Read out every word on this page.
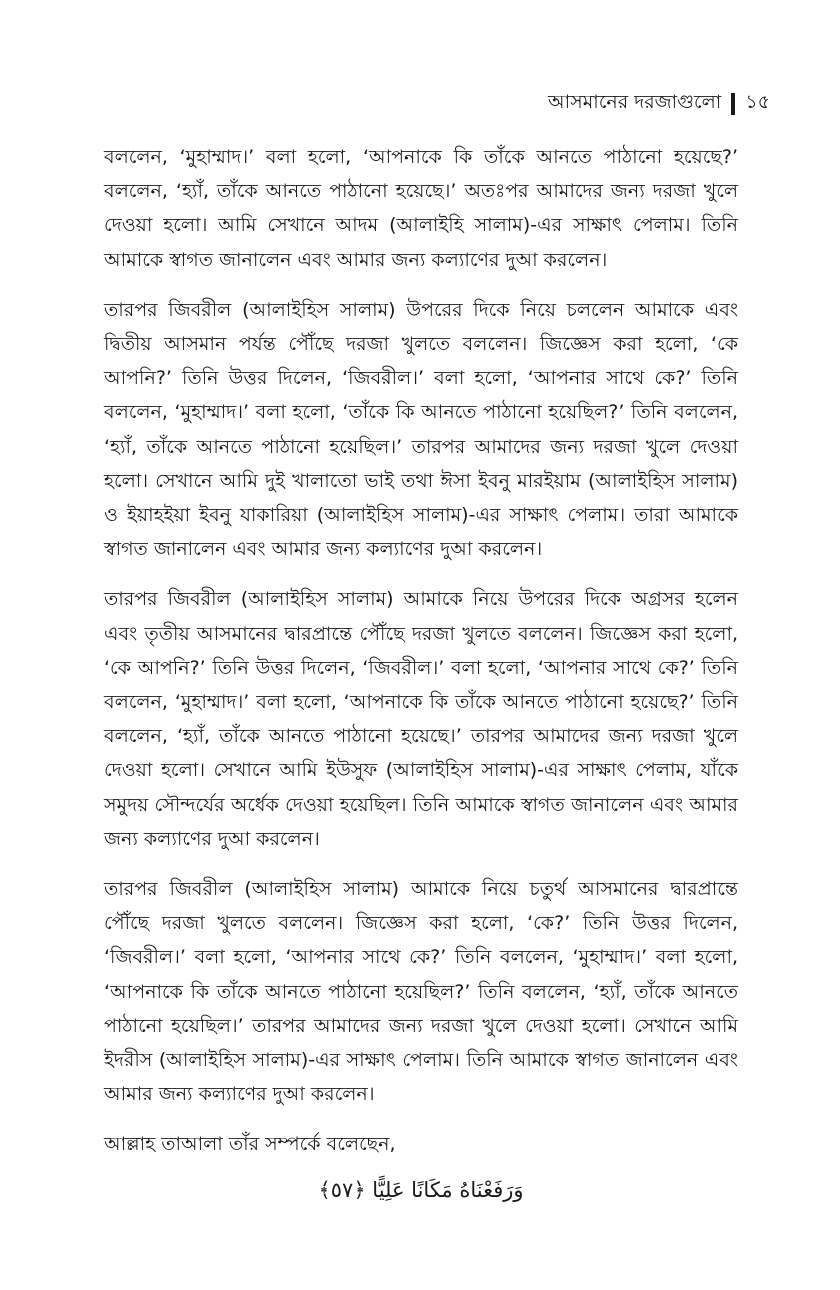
আসমানের দরজাগুলো ১৫

বললেন, ‘মুহাম্মাদ।’ বলা হলো, ‘আপনাকে কি তাঁকে আনতে পাঠানো হয়েছে?’ বললেন, ‘হ্যাঁ, তাঁকে আনতে পাঠানো হয়েছে।’ অতঃপর আমাদের জন্য দরজা খুলে দেওয়া হলো। আমি সেখানে আদম (আলাইহি সালাম)-এর সাক্ষাৎ পেলাম। তিনি আমাকে স্বাগত জানালেন এবং আমার জন্য কল্যাণের দুআ করলেন।

তারপর জিবরীল (আলাইহিস সালাম) উপরের দিকে নিয়ে চললেন আমাকে এবং দ্বিতীয় আসমান পর্যন্ত পৌঁছে দরজা খুলতে বললেন। জিজ্ঞেস করা হলো, ‘কে আপনি?’ তিনি উত্তর দিলেন, ‘জিবরীল।’ বলা হলো, ‘আপনার সাথে কে?’ তিনি বললেন, ‘মুহাম্মাদ।’ বলা হলো, ‘তাঁকে কি আনতে পাঠানো হয়েছিল?’ তিনি বললেন, ‘হ্যাঁ, তাঁকে আনতে পাঠানো হয়েছিল।’ তারপর আমাদের জন্য দরজা খুলে দেওয়া হলো। সেখানে আমি দুই খালাতো ভাই তথা ঈসা ইবনু মারইয়াম (আলাইহিস সালাম) ও ইয়াহইয়া ইবনু যাকারিয়া (আলাইহিস সালাম)-এর সাক্ষাৎ পেলাম। তারা আমাকে স্বাগত জানালেন এবং আমার জন্য কল্যাণের দুআ করলেন।

তারপর জিবরীল (আলাইহিস সালাম) আমাকে নিয়ে উপরের দিকে অগ্রসর হলেন এবং তৃতীয় আসমানের দ্বারপ্রান্তে পৌঁছে দরজা খুলতে বললেন। জিজ্ঞেস করা হলো, ‘কে আপনি?’ তিনি উত্তর দিলেন, ‘জিবরীল।’ বলা হলো, ‘আপনার সাথে কে?’ তিনি বললেন, ‘মুহাম্মাদ।’ বলা হলো, ‘আপনাকে কি তাঁকে আনতে পাঠানো হয়েছে?’ তিনি বললেন, ‘হ্যাঁ, তাঁকে আনতে পাঠানো হয়েছে।’ তারপর আমাদের জন্য দরজা খুলে দেওয়া হলো। সেখানে আমি ইউসুফ (আলাইহিস সালাম)-এর সাক্ষাৎ পেলাম, যাঁকে সমুদয় সৌন্দর্যের অর্ধেক দেওয়া হয়েছিল। তিনি আমাকে স্বাগত জানালেন এবং আমার জন্য কল্যাণের দুআ করলেন।

তারপর জিবরীল (আলাইহিস সালাম) আমাকে নিয়ে চতুর্থ আসমানের দ্বারপ্রান্তে পৌঁছে দরজা খুলতে বললেন। জিজ্ঞেস করা হলো, ‘কে?’ তিনি উত্তর দিলেন, ‘জিবরীল।’ বলা হলো, ‘আপনার সাথে কে?’ তিনি বললেন, ‘মুহাম্মাদ।’ বলা হলো, ‘আপনাকে কি তাঁকে আনতে পাঠানো হয়েছিল?’ তিনি বললেন, ‘হ্যাঁ, তাঁকে আনতে পাঠানো হয়েছিল।’ তারপর আমাদের জন্য দরজা খুলে দেওয়া হলো। সেখানে আমি ইদরীস (আলাইহিস সালাম)-এর সাক্ষাৎ পেলাম। তিনি আমাকে স্বাগত জানালেন এবং আমার জন্য কল্যাণের দুআ করলেন।

আল্লাহ তাআলা তাঁর সম্পর্কে বলেছেন,

وَرَفَعْنَاهُ مَكَانًا عَلِيًّا ﴿٥٧﴾
